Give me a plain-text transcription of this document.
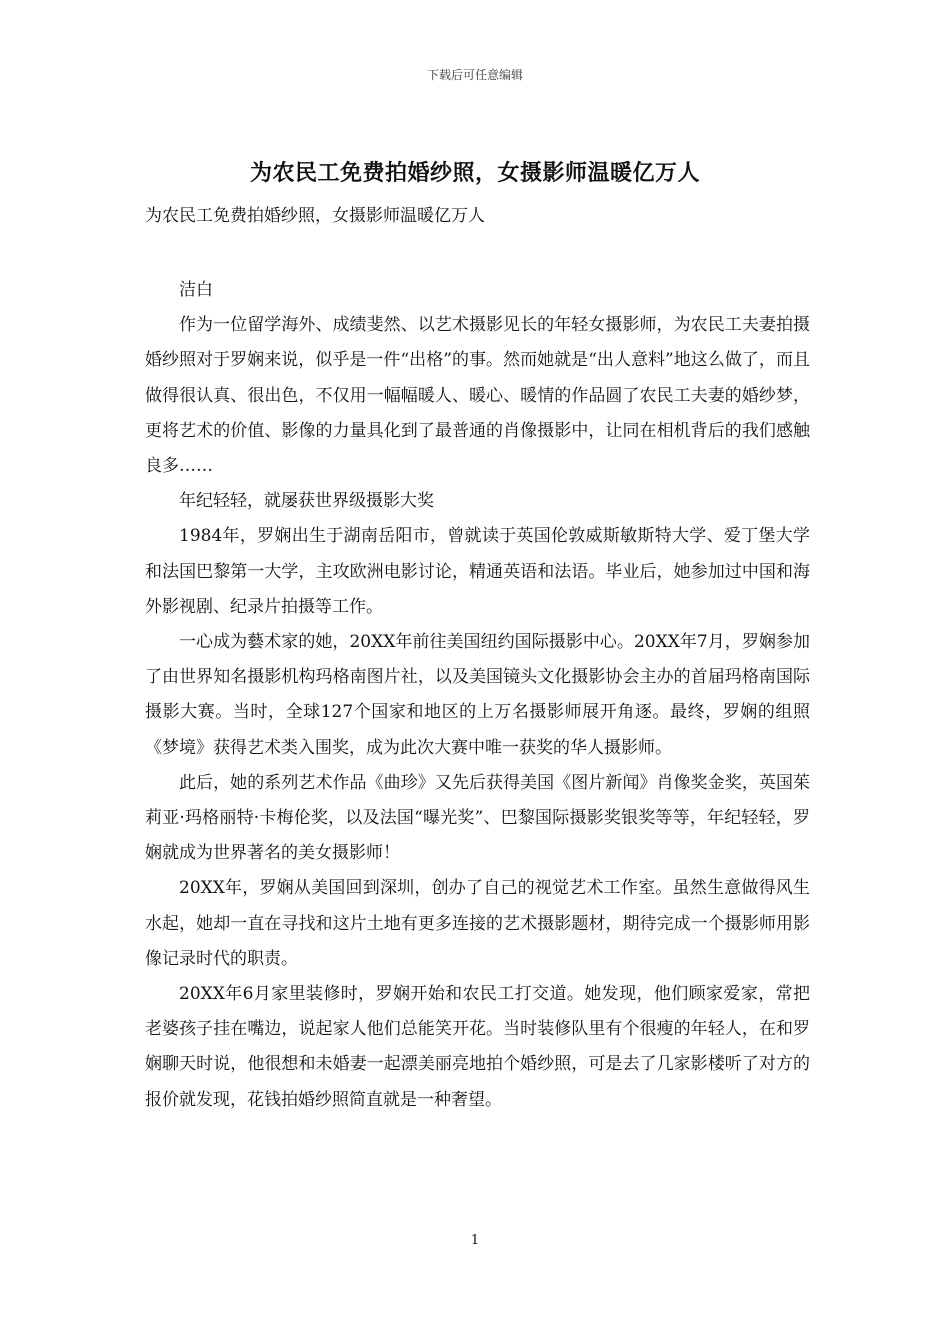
下载后可任意编辑
为农民工免费拍婚纱照，女摄影师温暖亿万人
为农民工免费拍婚纱照，女摄影师温暖亿万人

洁白

作为一位留学海外、成绩斐然、以艺术摄影见长的年轻女摄影师，为农民工夫妻拍摄婚纱照对于罗娴来说，似乎是一件“出格”的事。然而她就是“出人意料”地这么做了，而且做得很认真、很出色，不仅用一幅幅暖人、暖心、暖情的作品圆了农民工夫妻的婚纱梦，更将艺术的价值、影像的力量具化到了最普通的肖像摄影中，让同在相机背后的我们感触良多……

年纪轻轻，就屡获世界级摄影大奖

1984年，罗娴出生于湖南岳阳市，曾就读于英国伦敦威斯敏斯特大学、爱丁堡大学和法国巴黎第一大学，主攻欧洲电影讨论，精通英语和法语。毕业后，她参加过中国和海外影视剧、纪录片拍摄等工作。

一心成为藝术家的她，20XX年前往美国纽约国际摄影中心。20XX年7月，罗娴参加了由世界知名摄影机构玛格南图片社，以及美国镜头文化摄影协会主办的首届玛格南国际摄影大赛。当时，全球127个国家和地区的上万名摄影师展开角逐。最终，罗娴的组照《梦境》获得艺术类入围奖，成为此次大赛中唯一获奖的华人摄影师。

此后，她的系列艺术作品《曲珍》又先后获得美国《图片新闻》肖像奖金奖，英国茱莉亚·玛格丽特·卡梅伦奖，以及法国“曝光奖”、巴黎国际摄影奖银奖等等，年纪轻轻，罗娴就成为世界著名的美女摄影师！

20XX年，罗娴从美国回到深圳，创办了自己的视觉艺术工作室。虽然生意做得风生水起，她却一直在寻找和这片土地有更多连接的艺术摄影题材，期待完成一个摄影师用影像记录时代的职责。

20XX年6月家里装修时，罗娴开始和农民工打交道。她发现，他们顾家爱家，常把老婆孩子挂在嘴边，说起家人他们总能笑开花。当时装修队里有个很瘦的年轻人，在和罗娴聊天时说，他很想和未婚妻一起漂美丽亮地拍个婚纱照，可是去了几家影楼听了对方的报价就发现，花钱拍婚纱照简直就是一种奢望。

1
